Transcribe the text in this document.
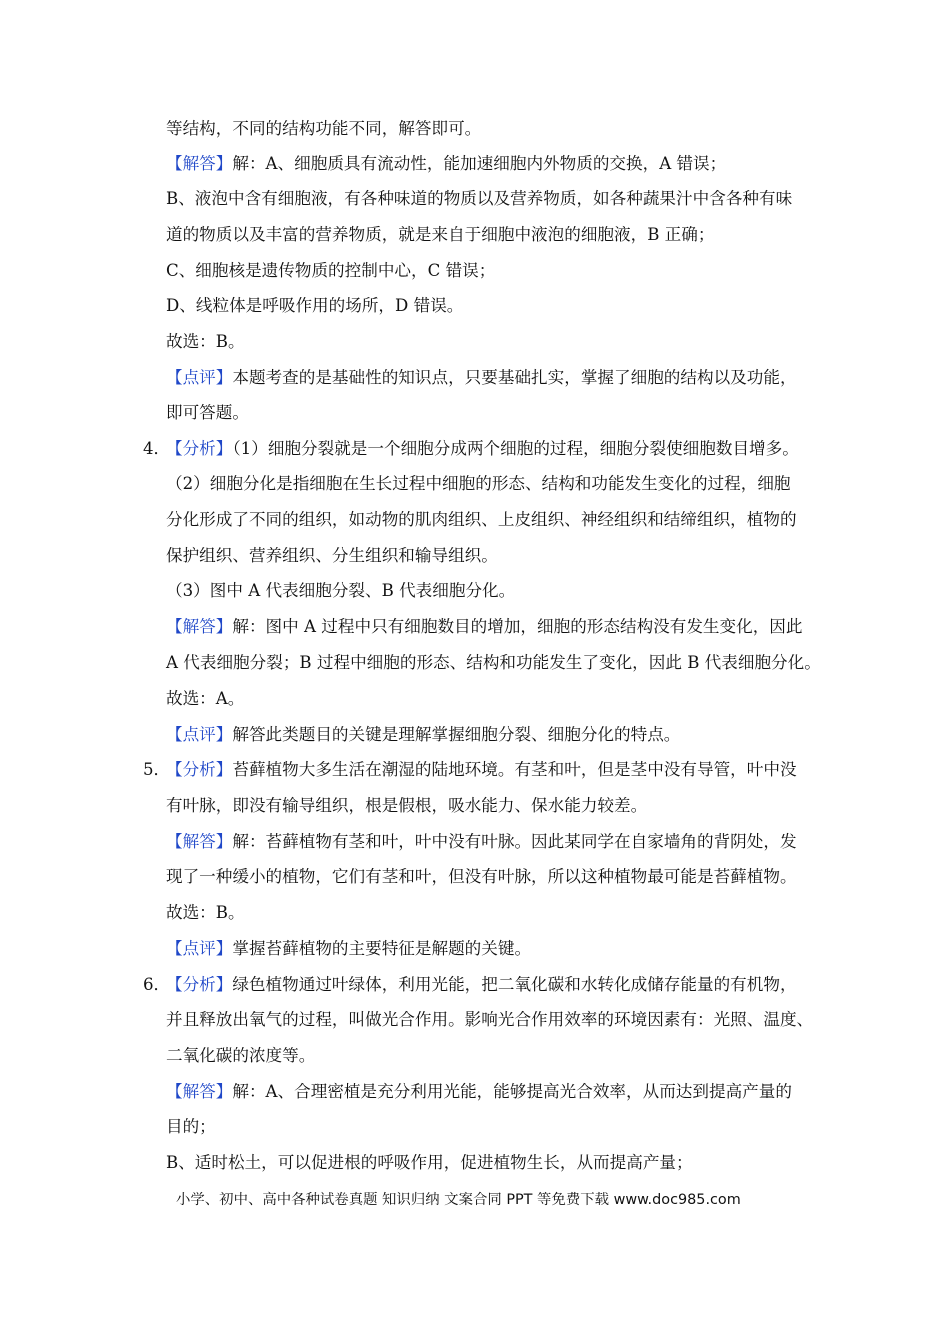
等结构，不同的结构功能不同，解答即可。
【解答】解：A、细胞质具有流动性，能加速细胞内外物质的交换，A 错误；
B、液泡中含有细胞液，有各种味道的物质以及营养物质，如各种蔬果汁中含各种有味
道的物质以及丰富的营养物质，就是来自于细胞中液泡的细胞液，B 正确；
C、细胞核是遗传物质的控制中心，C 错误；
D、线粒体是呼吸作用的场所，D 错误。
故选：B。
【点评】本题考查的是基础性的知识点，只要基础扎实，掌握了细胞的结构以及功能，
即可答题。
4．
【分析】（1）细胞分裂就是一个细胞分成两个细胞的过程，细胞分裂使细胞数目增多。
（2）细胞分化是指细胞在生长过程中细胞的形态、结构和功能发生变化的过程，细胞
分化形成了不同的组织，如动物的肌肉组织、上皮组织、神经组织和结缔组织，植物的
保护组织、营养组织、分生组织和输导组织。
（3）图中 A 代表细胞分裂、B 代表细胞分化。
【解答】解：图中 A 过程中只有细胞数目的增加，细胞的形态结构没有发生变化，因此
A 代表细胞分裂；B 过程中细胞的形态、结构和功能发生了变化，因此 B 代表细胞分化。
故选：A。
【点评】解答此类题目的关键是理解掌握细胞分裂、细胞分化的特点。
5．
【分析】苔藓植物大多生活在潮湿的陆地环境。有茎和叶，但是茎中没有导管，叶中没
有叶脉，即没有输导组织，根是假根，吸水能力、保水能力较差。
【解答】解：苔藓植物有茎和叶，叶中没有叶脉。因此某同学在自家墙角的背阴处，发
现了一种缓小的植物，它们有茎和叶，但没有叶脉，所以这种植物最可能是苔藓植物。
故选：B。
【点评】掌握苔藓植物的主要特征是解题的关键。
6．
【分析】绿色植物通过叶绿体，利用光能，把二氧化碳和水转化成储存能量的有机物，
并且释放出氧气的过程，叫做光合作用。影响光合作用效率的环境因素有：光照、温度、
二氧化碳的浓度等。
【解答】解：A、合理密植是充分利用光能，能够提高光合效率，从而达到提高产量的
目的；
B、适时松土，可以促进根的呼吸作用，促进植物生长，从而提高产量；
小学、初中、高中各种试卷真题 知识归纳 文案合同 PPT 等免费下载 www.doc985.com
